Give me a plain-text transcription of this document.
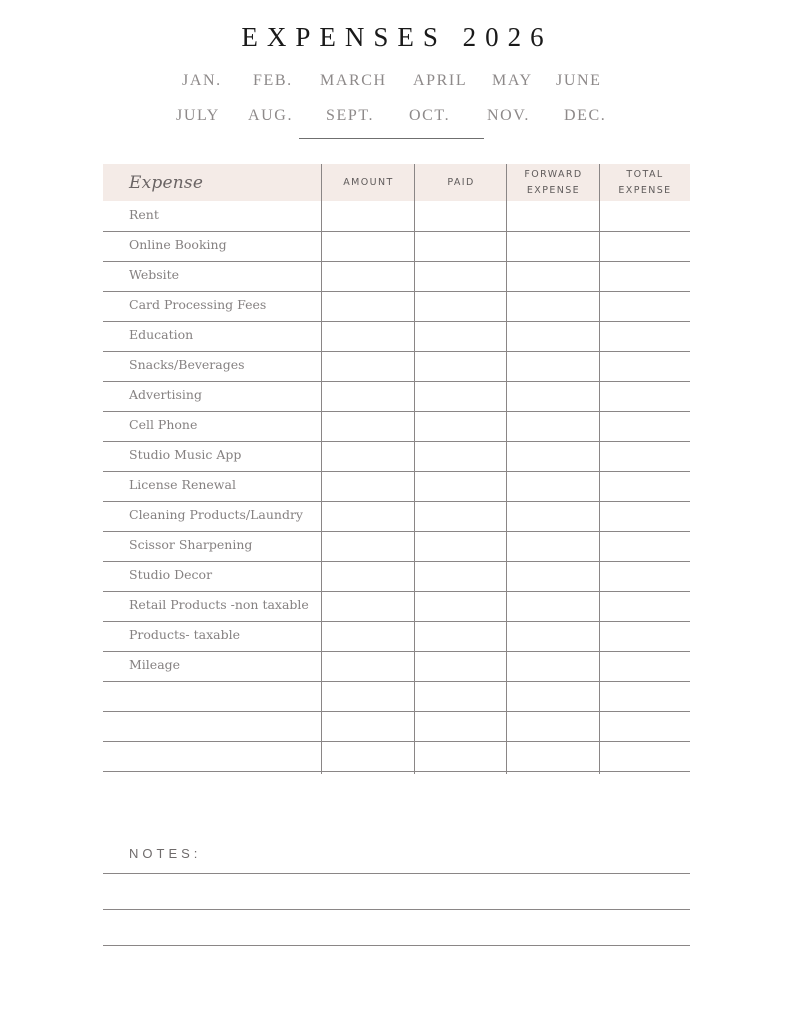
EXPENSES 2026
JAN. FEB. MARCH APRIL MAY JUNE
JULY AUG. SEPT. OCT. NOV. DEC.
Expense	AMOUNT	PAID
FORWARD
EXPENSE
TOTAL
EXPENSE
Rent
Online Booking
Website
Card Processing Fees
Education
Snacks/Beverages
Advertising
Cell Phone
Studio Music App
License Renewal
Cleaning Products/Laundry
Scissor Sharpening
Studio Decor
Retail Products -non taxable
Products- taxable
Mileage
NOTES:
